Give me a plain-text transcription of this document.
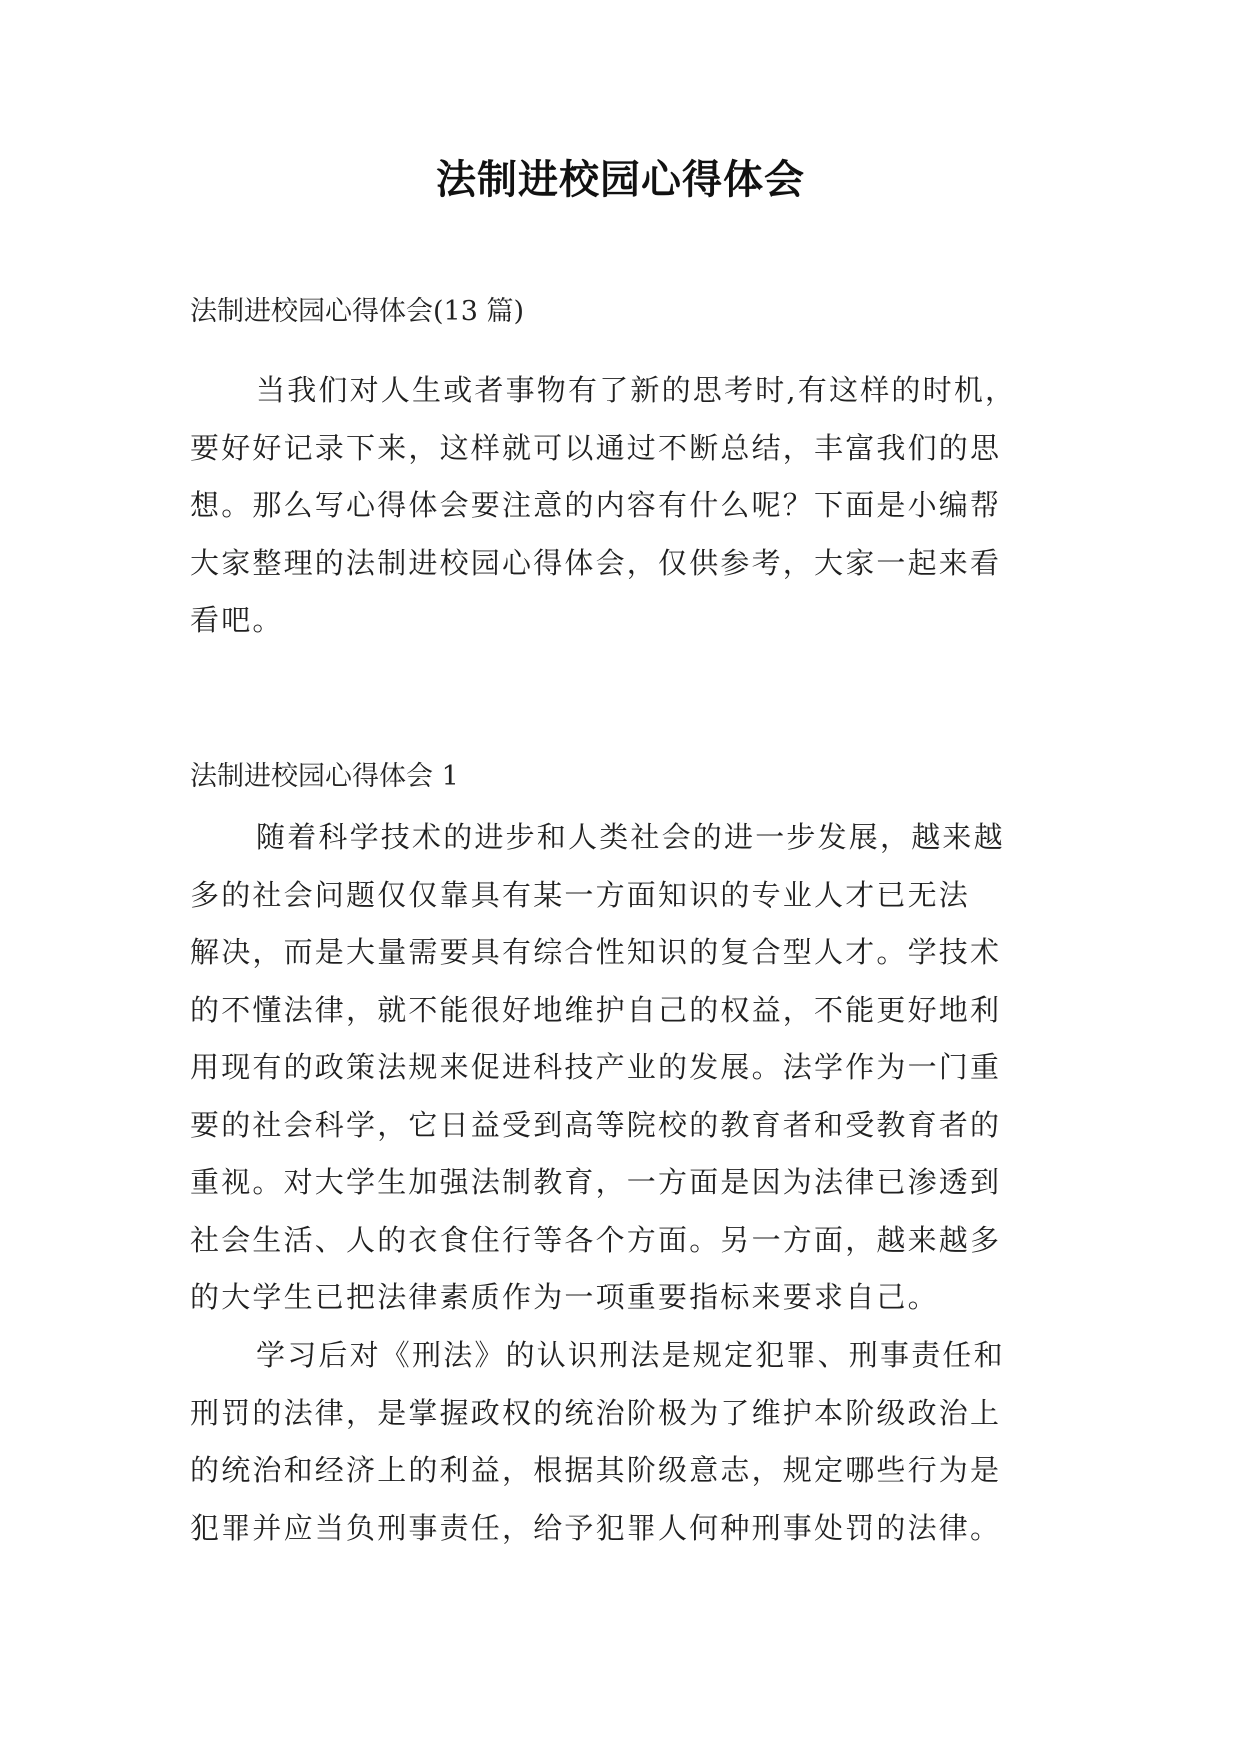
法制进校园心得体会
法制进校园心得体会(13 篇)
当我们对人生或者事物有了新的思考时,有这样的时机，
要好好记录下来，这样就可以通过不断总结，丰富我们的思
想。那么写心得体会要注意的内容有什么呢？下面是小编帮
大家整理的法制进校园心得体会，仅供参考，大家一起来看
看吧。
法制进校园心得体会 1
随着科学技术的进步和人类社会的进一步发展，越来越
多的社会问题仅仅靠具有某一方面知识的专业人才已无法
解决，而是大量需要具有综合性知识的复合型人才。学技术
的不懂法律，就不能很好地维护自己的权益，不能更好地利
用现有的政策法规来促进科技产业的发展。法学作为一门重
要的社会科学，它日益受到高等院校的教育者和受教育者的
重视。对大学生加强法制教育，一方面是因为法律已渗透到
社会生活、人的衣食住行等各个方面。另一方面，越来越多
的大学生已把法律素质作为一项重要指标来要求自己。
学习后对《刑法》的认识刑法是规定犯罪、刑事责任和
刑罚的法律，是掌握政权的统治阶极为了维护本阶级政治上
的统治和经济上的利益，根据其阶级意志，规定哪些行为是
犯罪并应当负刑事责任，给予犯罪人何种刑事处罚的法律。
